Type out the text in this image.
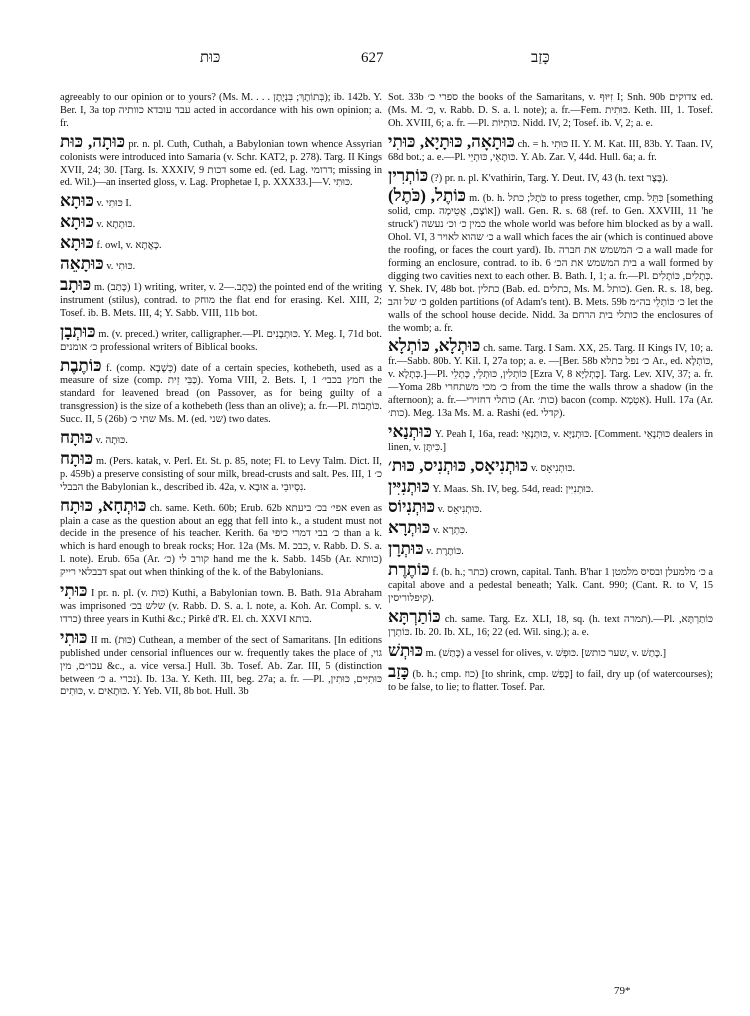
כּוּת	627	כָּזַב
agreeably to our opinion or to yours? (Ms. M. . . . בְּתוֹתָךְ; בִּנְיָתָן); ib. 142b. Y. Ber. I, 3a top עבד עובדא כוותיה acted in accordance with his own opinion; a. fr.
כּוּתָה, כּוּת pr. n. pl. Cuth, Cuthah, a Babylonian town whence Assyrian colonists were introduced into Samaria (v. Schr. KAT2, p. 278). Targ. II Kings XVII, 24; 30. [Targ. Is. XXXIV, 9 דכות some ed. (ed. Lag. דרומי; missing in ed. Wil.)—an inserted gloss, v. Lag. Prophetae I, p. XXX33.]—V. כּוּתִי.
כּוּתָא v. כּוּתִי I.
כּוּתָא v. כּוּתְתָא.
כּוּתָא f. owl, v. כָּאֲתָא.
כּוּתָאֵה v. כּוּתִי.
כּוּתָב m. (כָּתַב) 1) writing, writer, v. כְּתָב.—2) the pointed end of the writing instrument (stilus), contrad. to מוחק the flat end for erasing. Kel. XIII, 2; Tosef. ib. B. Mets. III, 4; Y. Sabb. VIII, 11b bot.
כּוּתְבָן m. (v. preced.) writer, calligrapher.—Pl. כּוּתְבָנִים. Y. Meg. I, 71d bot. כ׳ אומנים professional writers of Biblical books.
כּוֹתֶבֶת f. (comp. כְּשָׁבָא) date of a certain species, kothebeth, used as a measure of size (comp. כַּבֵּי זֵית). Yoma VIII, 2. Bets. I, 1 חמץ בכבי׳ the standard for leavened bread (on Passover, as for being guilty of a transgression) is the size of a kothebeth (less than an olive); a. fr.—Pl. כּוֹתָבוֹת. Succ. II, 5 (26b) שתי כ׳ Ms. M. (ed. שני) two dates.
כּוּתָח v. כּוּתָה.
כּוּתָח m. (Pers. katak, v. Perl. Et. St. p. 85, note; Fl. to Levy Talm. Dict. II, p. 459b) a preserve consisting of sour milk, bread-crusts and salt. Pes. III, 1 כ׳ הבבלי the Babylonian k., described ib. 42a, v. אוּבָא a. נִסְיוּבֵי.
כּוּתְחָא, כּוּתָח ch. same. Keth. 60b; Erub. 62b אפי׳ בכ׳ ביעתא even as plain a case as the question about an egg that fell into k., a student must not decide in the presence of his teacher. Kerith. 6a כ׳ בבי דמרי כיפי than a k. which is hard enough to break rocks; Hor. 12a (Ms. M. כבכ, v. Rabb. D. S. a. l. note). Erub. 65a (Ar. כ׳) קורב לי hand me the k. Sabb. 145b (Ar. כוותא) דבבלאי רייק spat out when thinking of the k. of the Babylonians.
כּוּתִי I pr. n. pl. (v. כּוּת) Kuthi, a Babylonian town. B. Bath. 91a Abraham was imprisoned שלש בכ׳ (v. Rabb. D. S. a. l. note, a. Koh. Ar. Compl. s. v. כרדו) three years in Kuthi &c.; Pirkê d'R. El. ch. XXVI בותא.
כּוּתִי II m. (כּוּת) Cuthean, a member of the sect of Samaritans. [In editions published under censorial influences our w. frequently takes the place of גוי, עכו״ם, מין &c., a. vice versa.] Hull. 3b. Tosef. Ab. Zar. III, 5 (distinction between כ׳ a. נכרי). Ib. 13a. Y. Keth. III, beg. 27a; a. fr. —Pl. כּוּתִיִּים, כּוּתִין, כּוּתִים, v. כּוּתָאִים. Y. Yeb. VII, 8b bot. Hull. 3b
Sot. 33b ספרי כ׳ the books of the Samaritans, v. זִיּוּף I; Snh. 90b צדוקים ed. (Ms. M. כ׳, v. Rabb. D. S. a. l. note); a. fr.—Fem. כּוּתִית. Keth. III, 1. Tosef. Oh. XVIII, 6; a. fr. —Pl. כּוּתִיּוֹת. Nidd. IV, 2; Tosef. ib. V, 2; a. e.
כּוּתָאָה, כּוּתָיָא, כּוּתִי ch. = h. כּוּתִי II. Y. M. Kat. III, 83b. Y. Taan. IV, 68d bot.; a. e.—Pl. כּוּתָאֵי, כּוּתְיֵי. Y. Ab. Zar. V, 44d. Hull. 6a; a. fr.
כּוֹתְרִין (?) pr. n. pl. K'vathirin, Targ. Y. Deut. IV, 43 (h. text בֶּצֶר).
כּוֹתֶל, (כֹּתֶל) m. (b. h. כֹּתֶל; כתל to press together, cmp. כִּתֵּל [something solid, cmp. אוֹצָם, אֲטֵימָה]) wall. Gen. R. s. 68 (ref. to Gen. XXVIII, 11 'he struck') כמין כ׳ וכ׳ נעשה the whole world was before him blocked as by a wall. Ohol. VI, 3 כ׳ שהוא לאויר a wall which faces the air (which is continued above the roofing, or faces the court yard). Ib. כ׳ המשמש את חברה a wall made for forming an enclosure, contrad. to ib. 6 בית המשמש את הכ׳ a wall formed by digging two cavities next to each other. B. Bath. I, 1; a. fr.—Pl. כְּתָלִים, כּוֹתָלִים. Y. Shek. IV, 48b bot. כתלין (Bab. ed. כתלים, Ms. M. כותל). Gen. R. s. 18, beg. כ׳ של זהב golden partitions (of Adam's tent). B. Mets. 59b כ׳ כּוֹתְלֵי בה״מ let the walls of the school house decide. Nidd. 3a כותלי בית הרחם the enclosures of the womb; a. fr.
כּוּתְלָא, כּוֹתְלָא ch. same. Targ. I Sam. XX, 25. Targ. II Kings IV, 10; a. fr.—Sabb. 80b. Y. Kil. I, 27a top; a. e. —[Ber. 58b כ׳ נפל כתלא Ar., ed. כּוֹתְלָא, v. כְּתָלָא.]—Pl. כּוֹתְלִין, כּוּתְלֵי, כָּתְלֵי [Ezra V, 8 כָּתְלַיָּא]. Targ. Lev. XIV, 37; a. fr.—Yoma 28b כ׳ מכי משתחרי from the time the walls throw a shadow (in the afternoon); a. fr.—כותלי דחזירי (Ar. כות׳) bacon (comp. אִטְמָא). Hull. 17a (Ar. כות׳). Meg. 13a Ms. M. a. Rashi (ed. קדלי).
כּוּתְנַאי Y. Peah I, 16a, read: כּוּתְנָאֵי, v. כּוּתְנַיָּא. [Comment. כּוּתְנָאֵי dealers in linen, v. כִּיתָּן.]
כּוּתְנִיאָס, כּוּתְנִיס, כּוּת׳ v. כּוּתְנִיאָס.
כּוּתְנִיִּין Y. Maas. Sh. IV, beg. 54d, read: כּוּתְנִיִּין.
כּוּתְנִיוֹס v. כּוּתְנִיאָס.
כּוּתְרָא v. כִּתְרָא.
כּוּתְרָן v. כּוֹתֶרֶת.
כּוֹתֶרֶת f. (b. h.; כתר) crown, capital. Tanh. B'har 1 כ׳ מלמעלן ובסיס מלמטן a capital above and a pedestal beneath; Yalk. Cant. 990; (Cant. R. to V, 15 קיפלוריסין).
כּוֹתַרְתָּא ch. same. Targ. Ez. XLI, 18, sq. (h. text תמרה).—Pl. כּוֹתַרְתָּא, כּוֹתְרָן. Ib. 20. Ib. XL, 16; 22 (ed. Wil. sing.); a. e.
כּוּתְשׁ m. (כָּתַשׁ) a vessel for olives, v. כּוּפְשׁ. [שער כותש, v. כָּתַשׁ.]
כָּזַב (b. h.; cmp. כוז) [to shrink, cmp. כָּפַשׁ] to fail, dry up (of watercourses); to be false, to lie; to flatter. Tosef. Par.
79*
